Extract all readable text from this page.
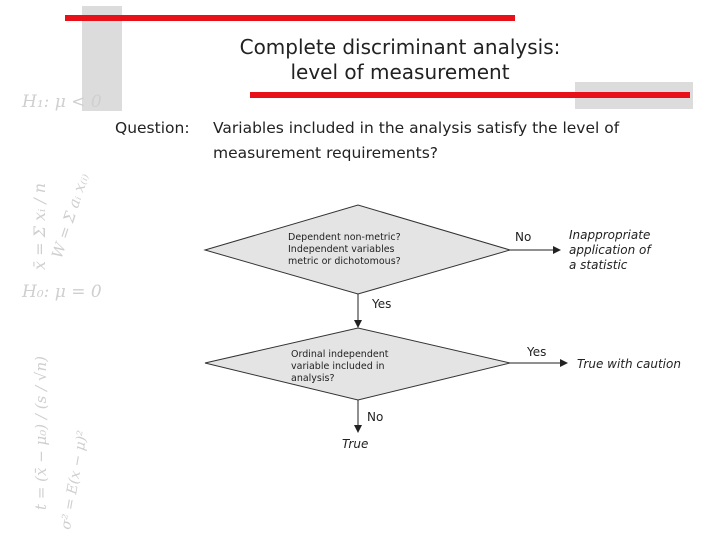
H₁: μ < 0
x̄ = Σ xᵢ / n W = Σ aᵢ x₍ᵢ₎
H₀: μ = 0
t = (x̄ − μ₀) / (s / √n) σ² = E(x − μ)²
Complete discriminant analysis:
level of measurement
Question: Variables included in the analysis satisfy the level of
measurement requirements?
Dependent non-metric?
Independent variables
metric or dichotomous?
No	Inappropriate
application of
a statistic
Yes
Ordinal independent
variable included in
analysis?
Yes
True with caution
No
True
